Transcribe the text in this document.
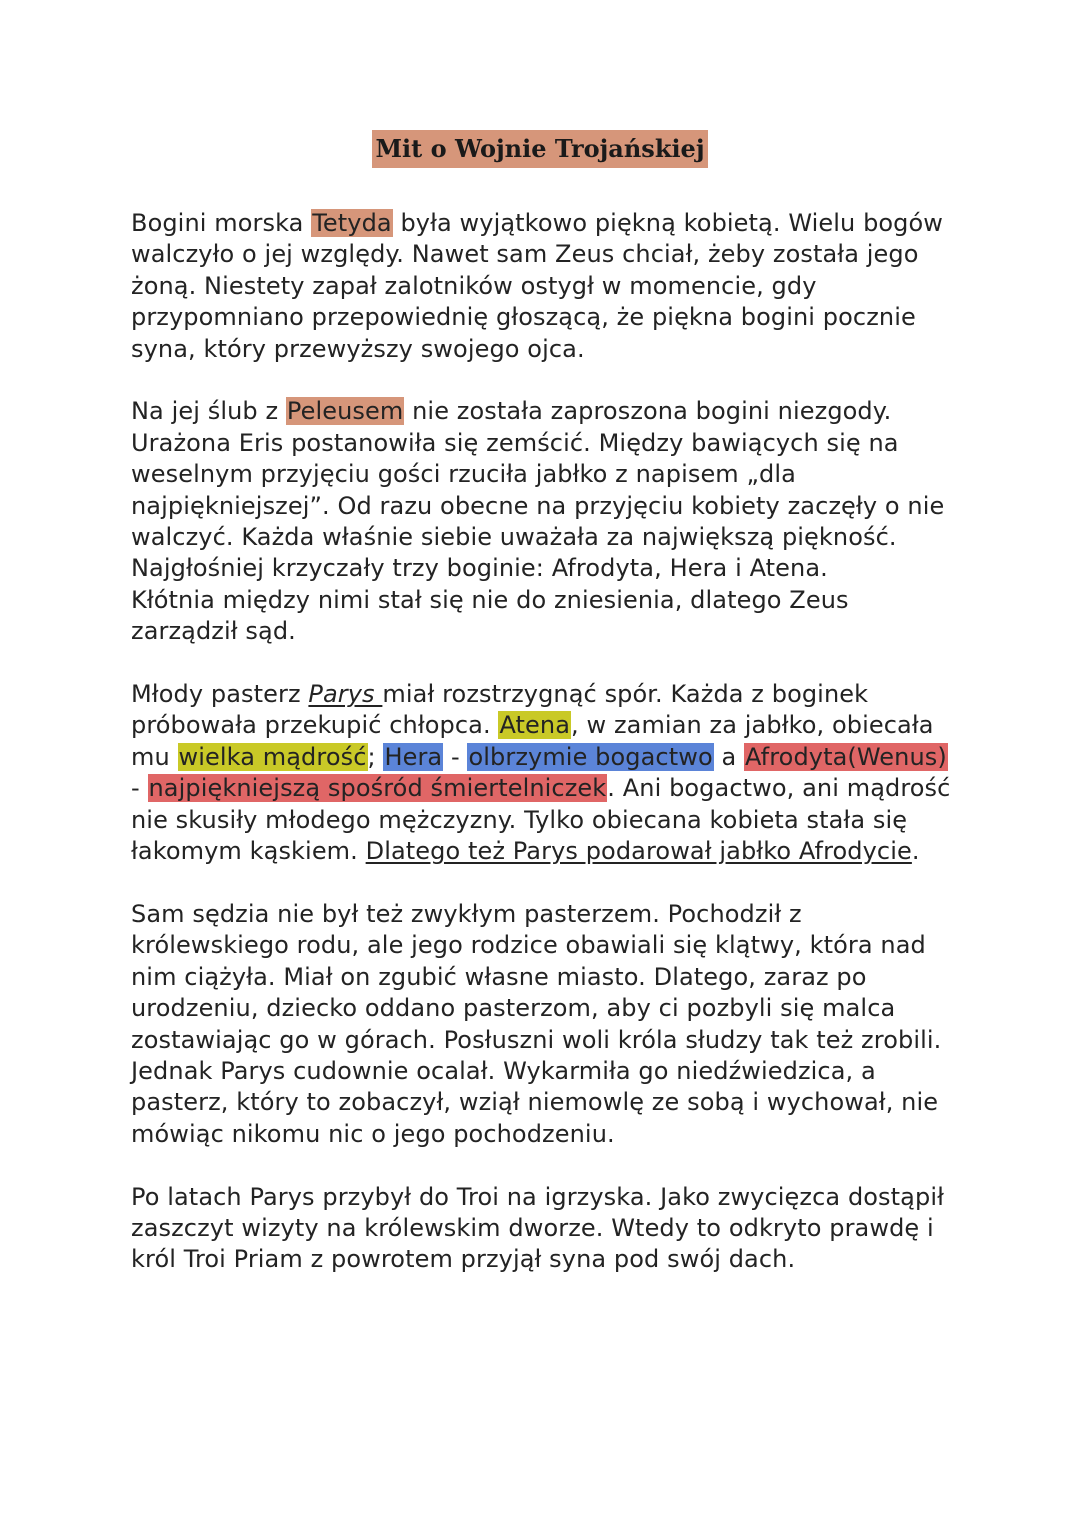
Mit o Wojnie Trojańskiej

Bogini morska Tetyda była wyjątkowo piękną kobietą. Wielu bogów walczyło o jej względy. Nawet sam Zeus chciał, żeby została jego żoną. Niestety zapał zalotników ostygł w momencie, gdy przypomniano przepowiednię głoszącą, że piękna bogini pocznie syna, który przewyższy swojego ojca.

Na jej ślub z Peleusem nie została zaproszona bogini niezgody. Urażona Eris postanowiła się zemścić. Między bawiących się na weselnym przyjęciu gości rzuciła jabłko z napisem „dla najpiękniejszej”. Od razu obecne na przyjęciu kobiety zaczęły o nie walczyć. Każda właśnie siebie uważała za największą piękność. Najgłośniej krzyczały trzy boginie: Afrodyta, Hera i Atena.

Kłótnia między nimi stał się nie do zniesienia, dlatego Zeus zarządził sąd.

Młody pasterz Parys miał rozstrzygnąć spór. Każda z boginek próbowała przekupić chłopca. Atena, w zamian za jabłko, obiecała mu wielka mądrość; Hera - olbrzymie bogactwo a Afrodyta(Wenus) - najpiękniejszą spośród śmiertelniczek. Ani bogactwo, ani mądrość nie skusiły młodego mężczyzny. Tylko obiecana kobieta stała się łakomym kąskiem. Dlatego też Parys podarował jabłko Afrodycie.

Sam sędzia nie był też zwykłym pasterzem. Pochodził z królewskiego rodu, ale jego rodzice obawiali się klątwy, która nad nim ciążyła. Miał on zgubić własne miasto. Dlatego, zaraz po urodzeniu, dziecko oddano pasterzom, aby ci pozbyli się malca zostawiając go w górach. Posłuszni woli króla słudzy tak też zrobili. Jednak Parys cudownie ocalał. Wykarmiła go niedźwiedzica, a pasterz, który to zobaczył, wziął niemowlę ze sobą i wychował, nie mówiąc nikomu nic o jego pochodzeniu.

Po latach Parys przybył do Troi na igrzyska. Jako zwycięzca dostąpił zaszczyt wizyty na królewskim dworze. Wtedy to odkryto prawdę i król Troi Priam z powrotem przyjął syna pod swój dach.
